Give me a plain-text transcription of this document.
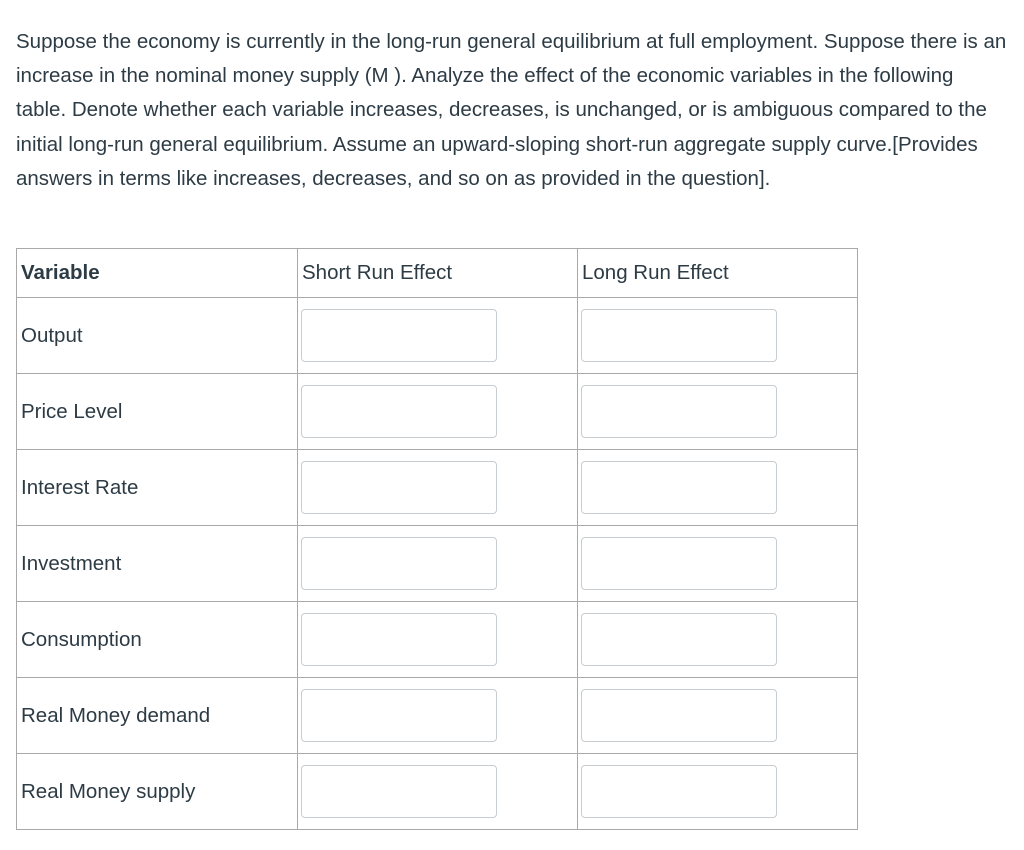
Suppose the economy is currently in the long-run general equilibrium at full employment. Suppose there is an increase in the nominal money supply (M ). Analyze the effect of the economic variables in the following table. Denote whether each variable increases, decreases, is unchanged, or is ambiguous compared to the initial long-run general equilibrium. Assume an upward-sloping short-run aggregate supply curve.[Provides answers in terms like increases, decreases, and so on as provided in the question].

Variable	Short Run Effect	Long Run Effect

Output

Price Level

Interest Rate

Investment

Consumption

Real Money demand

Real Money supply
